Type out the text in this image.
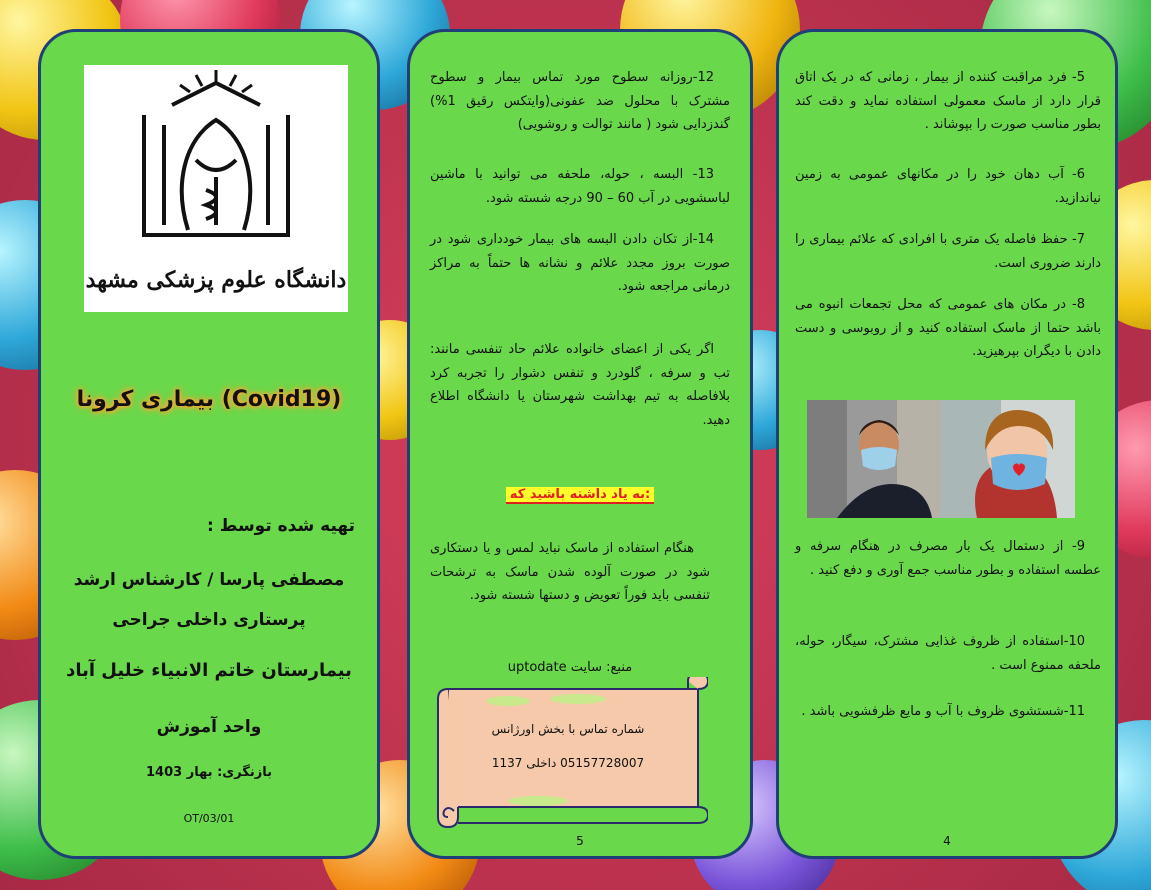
دانشگاه علوم پزشکی مشهد
بیماری کرونا (Covid19)
تهیه شده توسط :
مصطفی پارسا / کارشناس ارشد
پرستاری داخلی جراحی
بیمارستان خاتم الانبیاء خلیل آباد
واحد آموزش
بازنگری: بهار 1403
OT/03/01
12-روزانه سطوح مورد تماس بیمار و سطوح مشترک با محلول ضد عفونی(وایتکس رقیق 1%) گندزدایی شود ( مانند توالت و روشویی)
13- البسه ، حوله، ملحفه می توانید با ماشین لباسشویی در آب 60 – 90 درجه شسته شود.
14-از تکان دادن البسه های بیمار خودداری شود در صورت بروز مجدد علائم و نشانه ها حتماً به مراکز درمانی مراجعه شود.
اگر یکی از اعضای خانواده علائم حاد تنفسی مانند: تب و سرفه ، گلودرد و تنفس دشوار را تجربه کرد بلافاصله به تیم بهداشت شهرستان یا دانشگاه اطلاع دهید.
به یاد داشته باشید که:
هنگام استفاده از ماسک نباید لمس و یا دستکاری شود در صورت آلوده شدن ماسک به ترشحات تنفسی باید فوراً تعویض و دستها شسته شود.
منبع: سایت uptodate
شماره تماس با بخش اورژانس
05157728007 داخلی 1137
5
5- فرد مراقبت کننده از بیمار ، زمانی که در یک اتاق قرار دارد از ماسک معمولی استفاده نماید و دقت کند بطور مناسب صورت را بپوشاند .
6- آب دهان خود را در مکانهای عمومی به زمین نیاندازید.
7- حفظ فاصله یک متری با افرادی که علائم بیماری را دارند ضروری است.
8- در مکان های عمومی که محل تجمعات انبوه می باشد حتما از ماسک استفاده کنید و از روبوسی و دست دادن با دیگران بپرهیزید.
9- از دستمال یک بار مصرف در هنگام سرفه و عطسه استفاده و بطور مناسب جمع آوری و دفع کنید .
10-استفاده از ظروف غذایی مشترک، سیگار، حوله، ملحفه ممنوع است .
11-شستشوی ظروف با آب و مایع ظرفشویی باشد .
4
